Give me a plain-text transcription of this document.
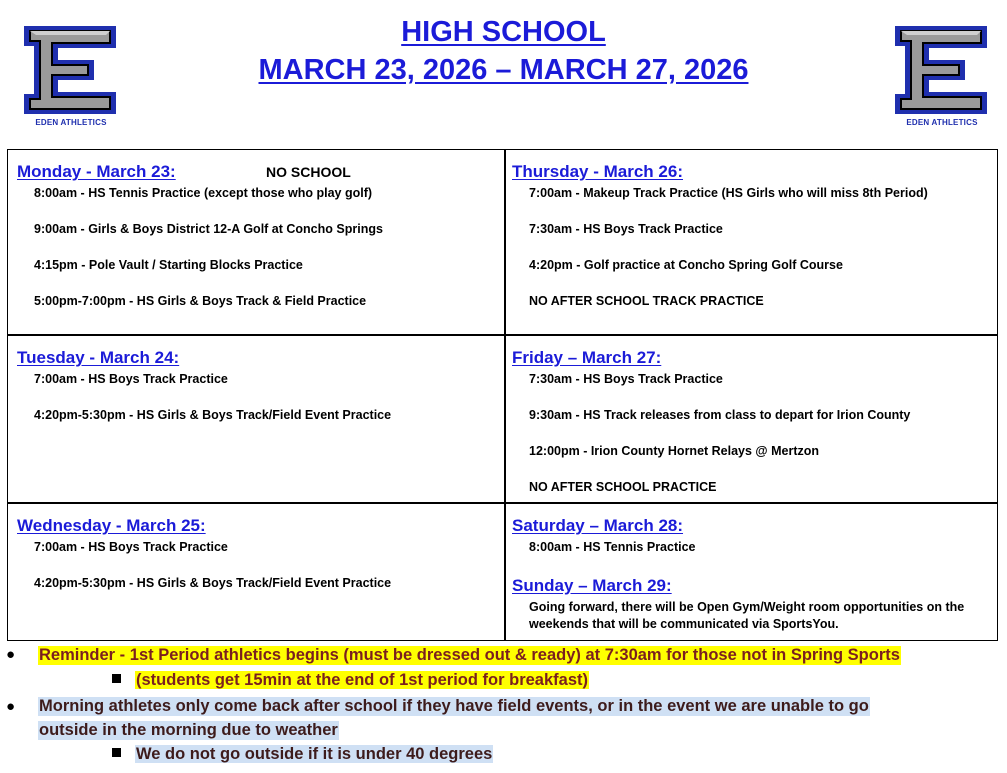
EDEN ATHLETICS	EDEN ATHLETICS
HIGH SCHOOL
MARCH 23, 2026 – MARCH 27, 2026
Monday - March 23:	NO SCHOOL
8:00am - HS Tennis Practice (except those who play golf)
9:00am - Girls & Boys District 12-A Golf at Concho Springs
4:15pm - Pole Vault / Starting Blocks Practice
5:00pm-7:00pm - HS Girls & Boys Track & Field Practice
Thursday - March 26:
7:00am - Makeup Track Practice (HS Girls who will miss 8th Period)
7:30am - HS Boys Track Practice
4:20pm - Golf practice at Concho Spring Golf Course
NO AFTER SCHOOL TRACK PRACTICE
Tuesday - March 24:
7:00am - HS Boys Track Practice
4:20pm-5:30pm - HS Girls & Boys Track/Field Event Practice
Friday – March 27:
7:30am - HS Boys Track Practice
9:30am - HS Track releases from class to depart for Irion County
12:00pm - Irion County Hornet Relays @ Mertzon
NO AFTER SCHOOL PRACTICE
Wednesday - March 25:
7:00am - HS Boys Track Practice
4:20pm-5:30pm - HS Girls & Boys Track/Field Event Practice
Saturday – March 28:
8:00am - HS Tennis Practice
Sunday – March 29:
Going forward, there will be Open Gym/Weight room opportunities on the weekends that will be communicated via SportsYou.
● Reminder - 1st Period athletics begins (must be dressed out & ready) at 7:30am for those not in Spring Sports
(students get 15min at the end of 1st period for breakfast)
● Morning athletes only come back after school if they have field events, or in the event we are unable to go
outside in the morning due to weather
We do not go outside if it is under 40 degrees
